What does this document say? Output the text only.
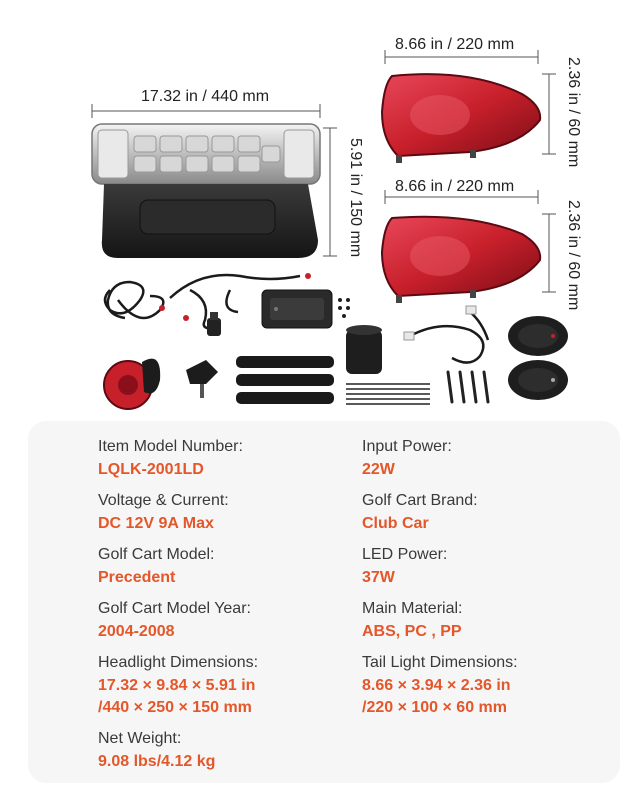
17.32 in / 440 mm
5.91 in / 150 mm
8.66 in / 220 mm
2.36 in / 60 mm
8.66 in / 220 mm
2.36 in / 60 mm
Item Model Number:
LQLK-2001LD
Input Power:
22W
Voltage & Current:
DC 12V 9A Max
Golf Cart Brand:
Club Car
Golf Cart Model:
Precedent
LED Power:
37W
Golf Cart Model Year:
2004-2008
Main Material:
ABS, PC , PP
Headlight Dimensions:
17.32 × 9.84 × 5.91 in
/440 × 250 × 150 mm
Tail Light Dimensions:
8.66 × 3.94 × 2.36 in
/220 × 100 × 60 mm
Net Weight:
9.08 lbs/4.12 kg
